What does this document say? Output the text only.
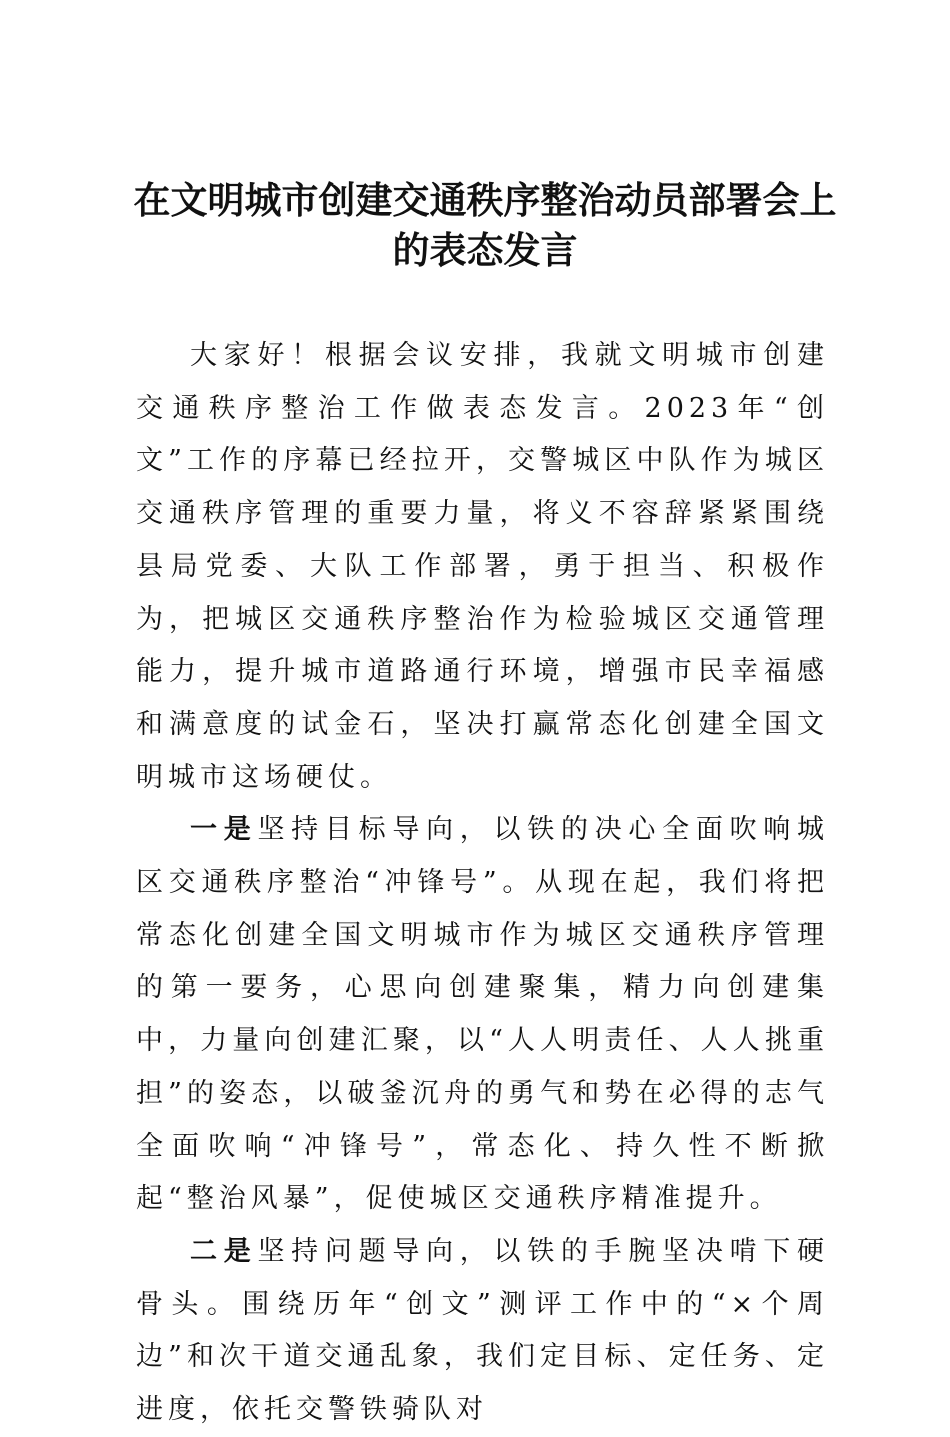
在文明城市创建交通秩序整治动员部署会上
的表态发言

大家好！根据会议安排，我就文明城市创建交通秩序整治工作做表态发言。2023年“创文”工作的序幕已经拉开，交警城区中队作为城区交通秩序管理的重要力量，将义不容辞紧紧围绕县局党委、大队工作部署，勇于担当、积极作为，把城区交通秩序整治作为检验城区交通管理能力，提升城市道路通行环境，增强市民幸福感和满意度的试金石，坚决打赢常态化创建全国文明城市这场硬仗。

一是坚持目标导向，以铁的决心全面吹响城区交通秩序整治“冲锋号”。从现在起，我们将把常态化创建全国文明城市作为城区交通秩序管理的第一要务，心思向创建聚集，精力向创建集中，力量向创建汇聚，以“人人明责任、人人挑重担”的姿态，以破釜沉舟的勇气和势在必得的志气全面吹响“冲锋号”，常态化、持久性不断掀起“整治风暴”，促使城区交通秩序精准提升。

二是坚持问题导向，以铁的手腕坚决啃下硬骨头。围绕历年“创文”测评工作中的“×个周边”和次干道交通乱象，我们定目标、定任务、定进度，依托交警铁骑队对
